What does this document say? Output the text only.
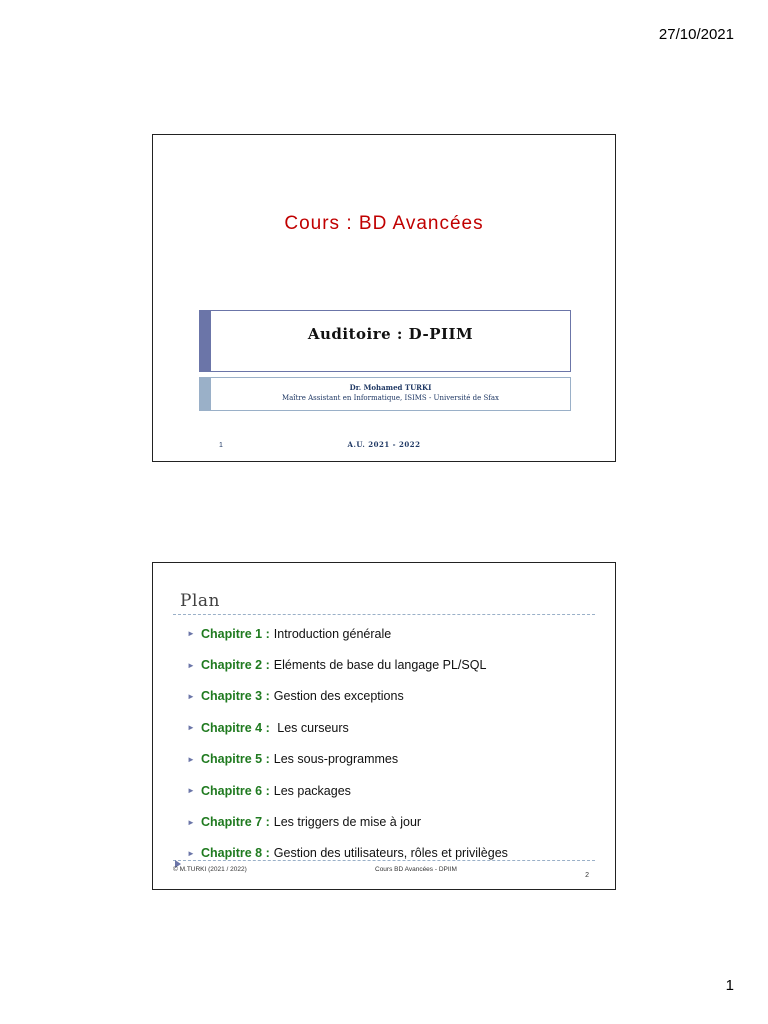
27/10/2021
Cours : BD Avancées
Auditoire : D-PIIM
Dr. Mohamed TURKI
Maître Assistant en Informatique, ISIMS - Université de Sfax
1	A.U. 2021 - 2022
Plan
► Chapitre 1 : Introduction générale
► Chapitre 2 : Eléments de base du langage PL/SQL
► Chapitre 3 : Gestion des exceptions
► Chapitre 4 : Les curseurs
► Chapitre 5 : Les sous-programmes
► Chapitre 6 : Les packages
► Chapitre 7 : Les triggers de mise à jour
► Chapitre 8 : Gestion des utilisateurs, rôles et privilèges
© M.TURKI (2021 / 2022)	Cours BD Avancées - DPIIM
2
1
